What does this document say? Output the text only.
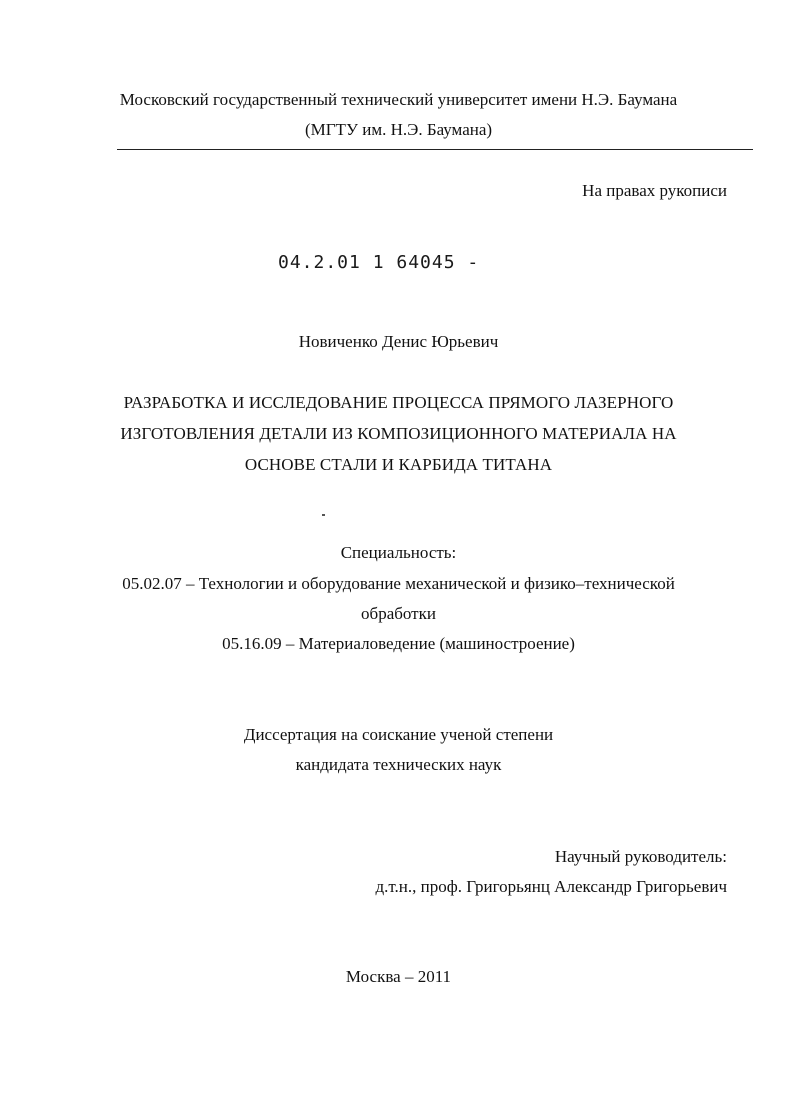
Московский государственный технический университет имени Н.Э. Баумана
(МГТУ им. Н.Э. Баумана)
На правах рукописи
04.2.01 1 64045 -
Новиченко Денис Юрьевич
РАЗРАБОТКА И ИССЛЕДОВАНИЕ ПРОЦЕССА ПРЯМОГО ЛАЗЕРНОГО
ИЗГОТОВЛЕНИЯ ДЕТАЛИ ИЗ КОМПОЗИЦИОННОГО МАТЕРИАЛА НА
ОСНОВЕ СТАЛИ И КАРБИДА ТИТАНА
Специальность:
05.02.07 – Технологии и оборудование механической и физико–технической
обработки
05.16.09 – Материаловедение (машиностроение)
Диссертация на соискание ученой степени
кандидата технических наук
Научный руководитель:
д.т.н., проф. Григорьянц Александр Григорьевич
Москва – 2011
